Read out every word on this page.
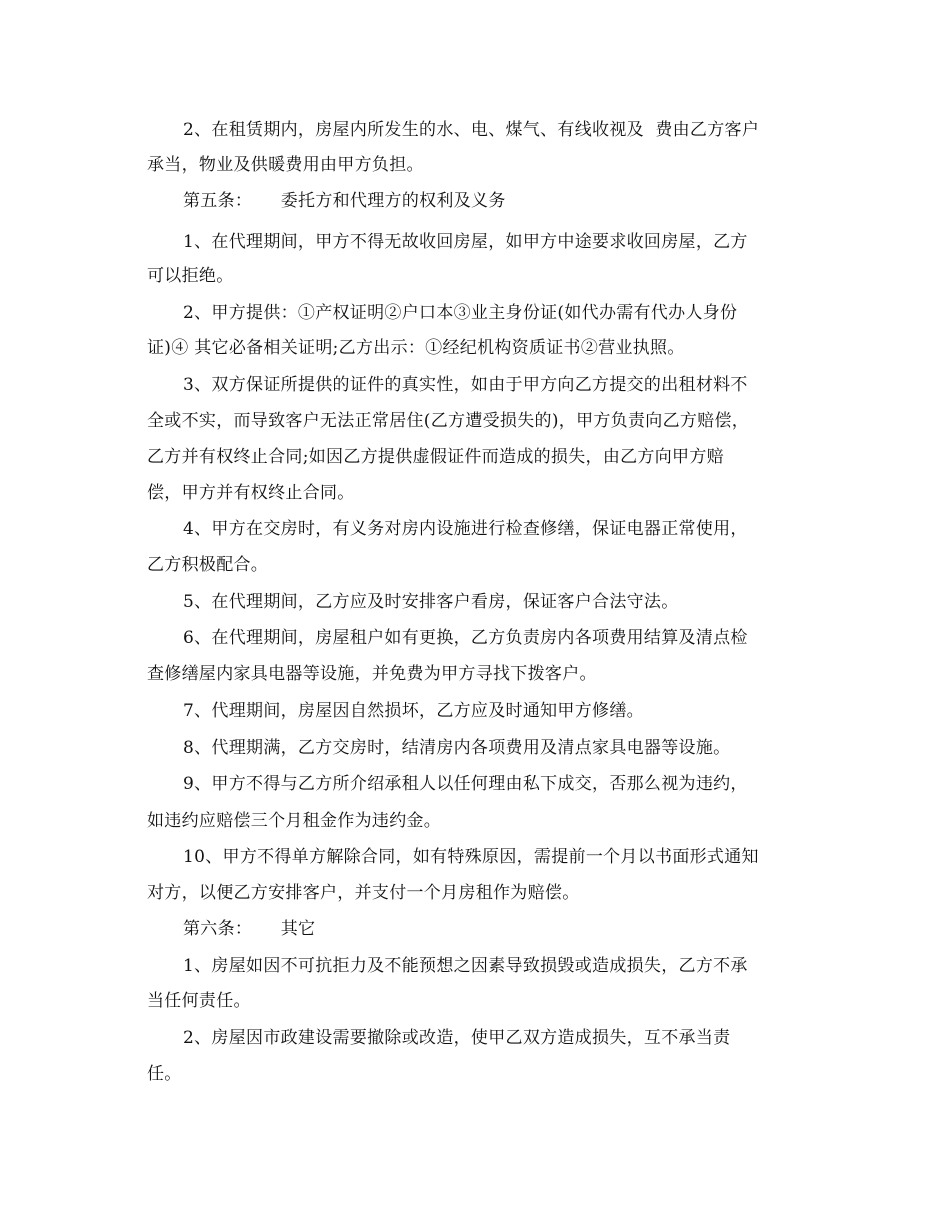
2、在租赁期内，房屋内所发生的水、电、煤气、有线收视及  费由乙方客户
承当，物业及供暖费用由甲方负担。
第五条：     委托方和代理方的权利及义务
1、在代理期间，甲方不得无故收回房屋，如甲方中途要求收回房屋，乙方
可以拒绝。
2、甲方提供：①产权证明②户口本③业主身份证(如代办需有代办人身份
证)④ 其它必备相关证明;乙方出示：①经纪机构资质证书②营业执照。
3、双方保证所提供的证件的真实性，如由于甲方向乙方提交的出租材料不
全或不实，而导致客户无法正常居住(乙方遭受损失的)，甲方负责向乙方赔偿，
乙方并有权终止合同;如因乙方提供虚假证件而造成的损失，由乙方向甲方赔
偿，甲方并有权终止合同。
4、甲方在交房时，有义务对房内设施进行检查修缮，保证电器正常使用，
乙方积极配合。
5、在代理期间，乙方应及时安排客户看房，保证客户合法守法。
6、在代理期间，房屋租户如有更换，乙方负责房内各项费用结算及清点检
查修缮屋内家具电器等设施，并免费为甲方寻找下拨客户。
7、代理期间，房屋因自然损坏，乙方应及时通知甲方修缮。
8、代理期满，乙方交房时，结清房内各项费用及清点家具电器等设施。
9、甲方不得与乙方所介绍承租人以任何理由私下成交，否那么视为违约，
如违约应赔偿三个月租金作为违约金。
10、甲方不得单方解除合同，如有特殊原因，需提前一个月以书面形式通知
对方，以便乙方安排客户，并支付一个月房租作为赔偿。
第六条：     其它
1、房屋如因不可抗拒力及不能预想之因素导致损毁或造成损失，乙方不承
当任何责任。
2、房屋因市政建设需要撤除或改造，使甲乙双方造成损失，互不承当责
任。
